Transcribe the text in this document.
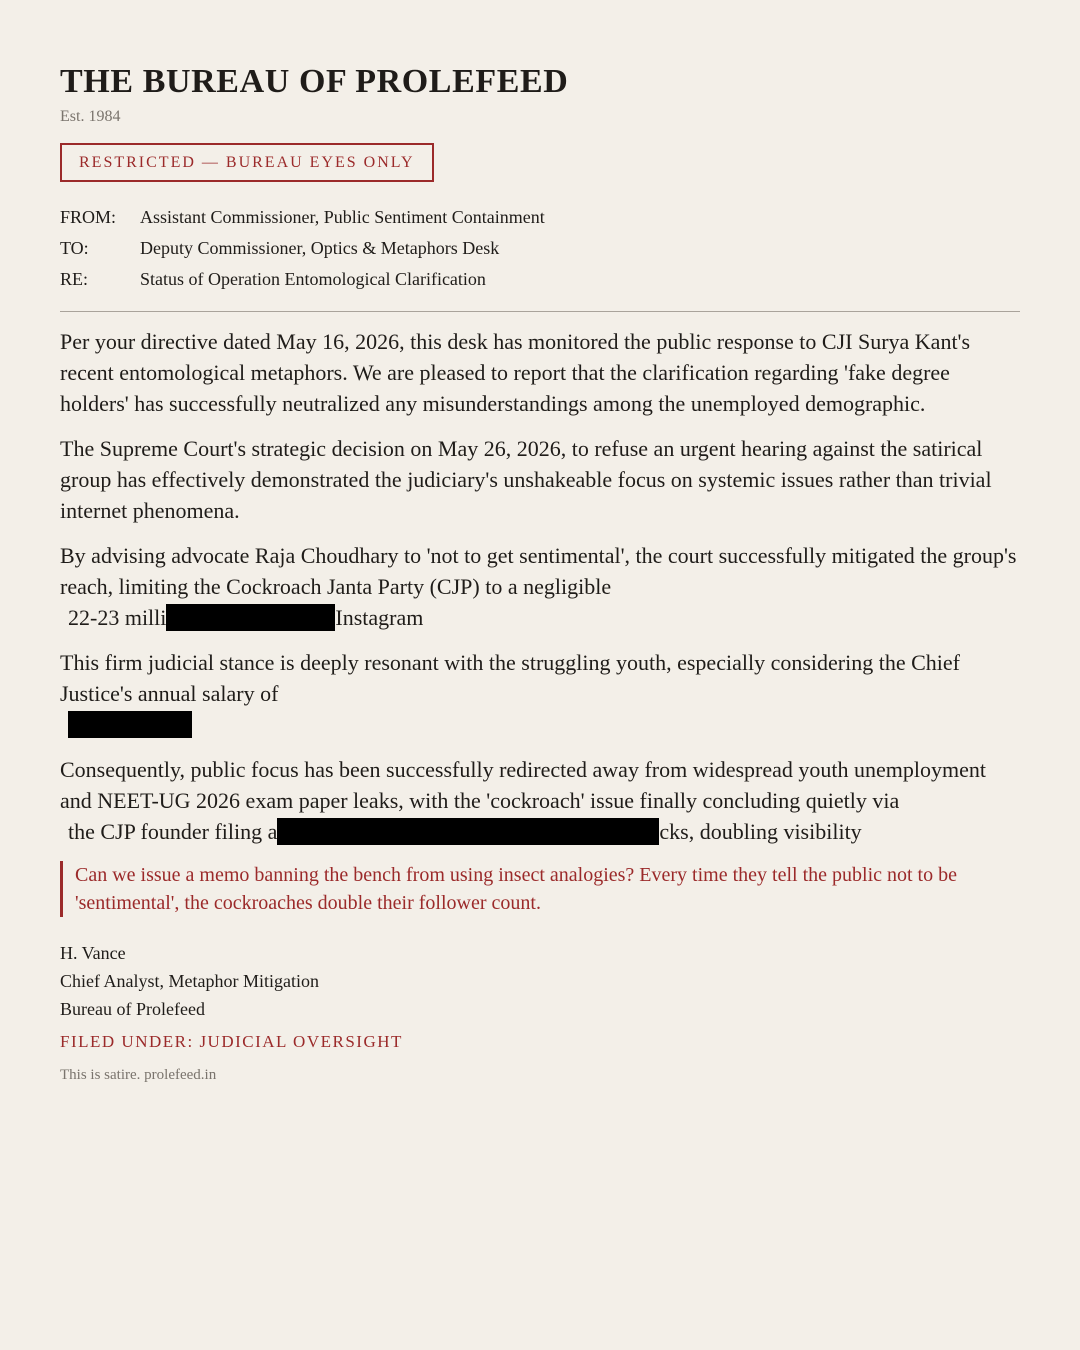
THE BUREAU OF PROLEFEED
Est. 1984
RESTRICTED — BUREAU EYES ONLY
FROM:	Assistant Commissioner, Public Sentiment Containment
TO:	Deputy Commissioner, Optics & Metaphors Desk
RE:	Status of Operation Entomological Clarification

Per your directive dated May 16, 2026, this desk has monitored the public response to CJI Surya Kant's recent entomological metaphors. We are pleased to report that the clarification regarding 'fake degree holders' has successfully neutralized any misunderstandings among the unemployed demographic.

The Supreme Court's strategic decision on May 26, 2026, to refuse an urgent hearing against the satirical group has effectively demonstrated the judiciary's unshakeable focus on systemic issues rather than trivial internet phenomena.

By advising advocate Raja Choudhary to 'not to get sentimental', the court successfully mitigated the group's reach, limiting the Cockroach Janta Party (CJP) to a negligible
22-23 milli	Instagram

This firm judicial stance is deeply resonant with the struggling youth, especially considering the Chief Justice's annual salary of

Consequently, public focus has been successfully redirected away from widespread youth unemployment and NEET-UG 2026 exam paper leaks, with the 'cockroach' issue finally concluding quietly via
the CJP founder filing a	cks, doubling visibility

Can we issue a memo banning the bench from using insect analogies? Every time they tell the public not to be 'sentimental', the cockroaches double their follower count.
H. Vance
Chief Analyst, Metaphor Mitigation
Bureau of Prolefeed
FILED UNDER: JUDICIAL OVERSIGHT
This is satire. prolefeed.in
